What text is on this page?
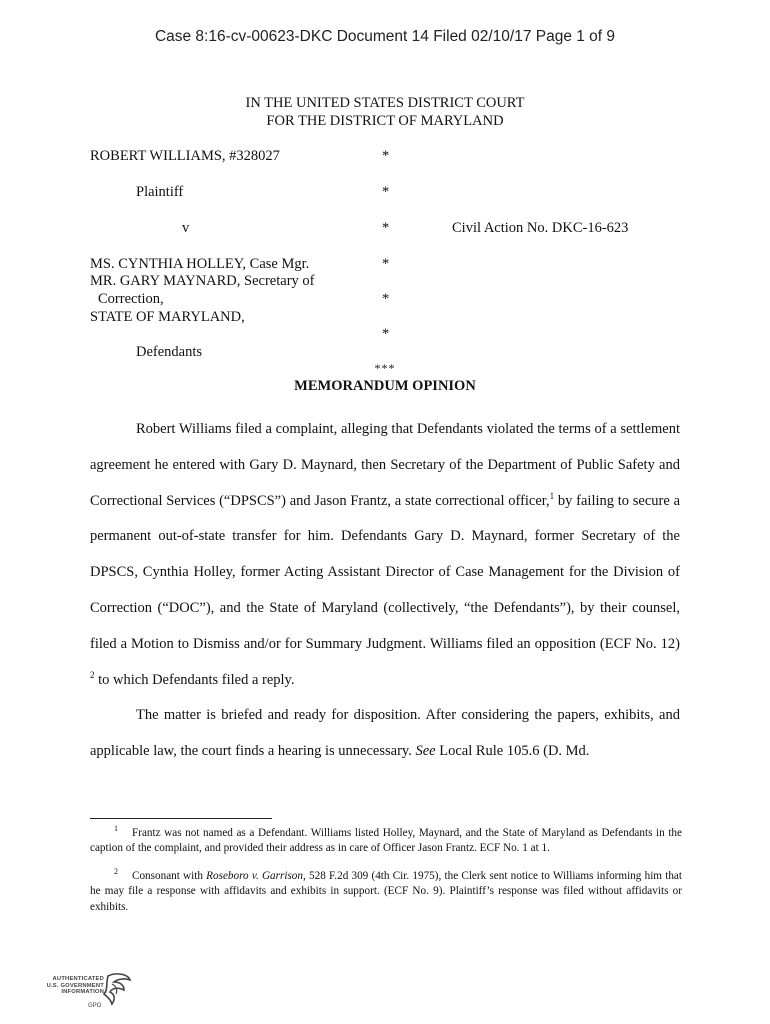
Case 8:16-cv-00623-DKC Document 14 Filed 02/10/17 Page 1 of 9
IN THE UNITED STATES DISTRICT COURT
FOR THE DISTRICT OF MARYLAND
ROBERT WILLIAMS, #328027
Plaintiff
v	Civil Action No. DKC-16-623
MS. CYNTHIA HOLLEY, Case Mgr.
MR. GARY MAYNARD, Secretary of
Correction,
STATE OF MARYLAND,
Defendants
*
*
*
*
*
*
***
MEMORANDUM OPINION

Robert Williams filed a complaint, alleging that Defendants violated the terms of a settlement agreement he entered with Gary D. Maynard, then Secretary of the Department of Public Safety and Correctional Services (“DPSCS”) and Jason Frantz, a state correctional officer,$^1$ by failing to secure a permanent out-of-state transfer for him. Defendants Gary D. Maynard, former Secretary of the DPSCS, Cynthia Holley, former Acting Assistant Director of Case Management for the Division of Correction (“DOC”), and the State of Maryland (collectively, “the Defendants”), by their counsel, filed a Motion to Dismiss and/or for Summary Judgment. Williams filed an opposition (ECF No. 12) $^2$ to which Defendants filed a reply.

The matter is briefed and ready for disposition. After considering the papers, exhibits, and applicable law, the court finds a hearing is unnecessary. See Local Rule 105.6 (D. Md.

$^1$ Frantz was not named as a Defendant. Williams listed Holley, Maynard, and the State of Maryland as Defendants in the caption of the complaint, and provided their address as in care of Officer Jason Frantz. ECF No. 1 at 1.

$^2$ Consonant with Roseboro v. Garrison, 528 F.2d 309 (4th Cir. 1975), the Clerk sent notice to Williams informing him that he may file a response with affidavits and exhibits in support. (ECF No. 9). Plaintiff’s response was filed without affidavits or exhibits.

AUTHENTICATED
U.S. GOVERNMENT
INFORMATION
GPO
